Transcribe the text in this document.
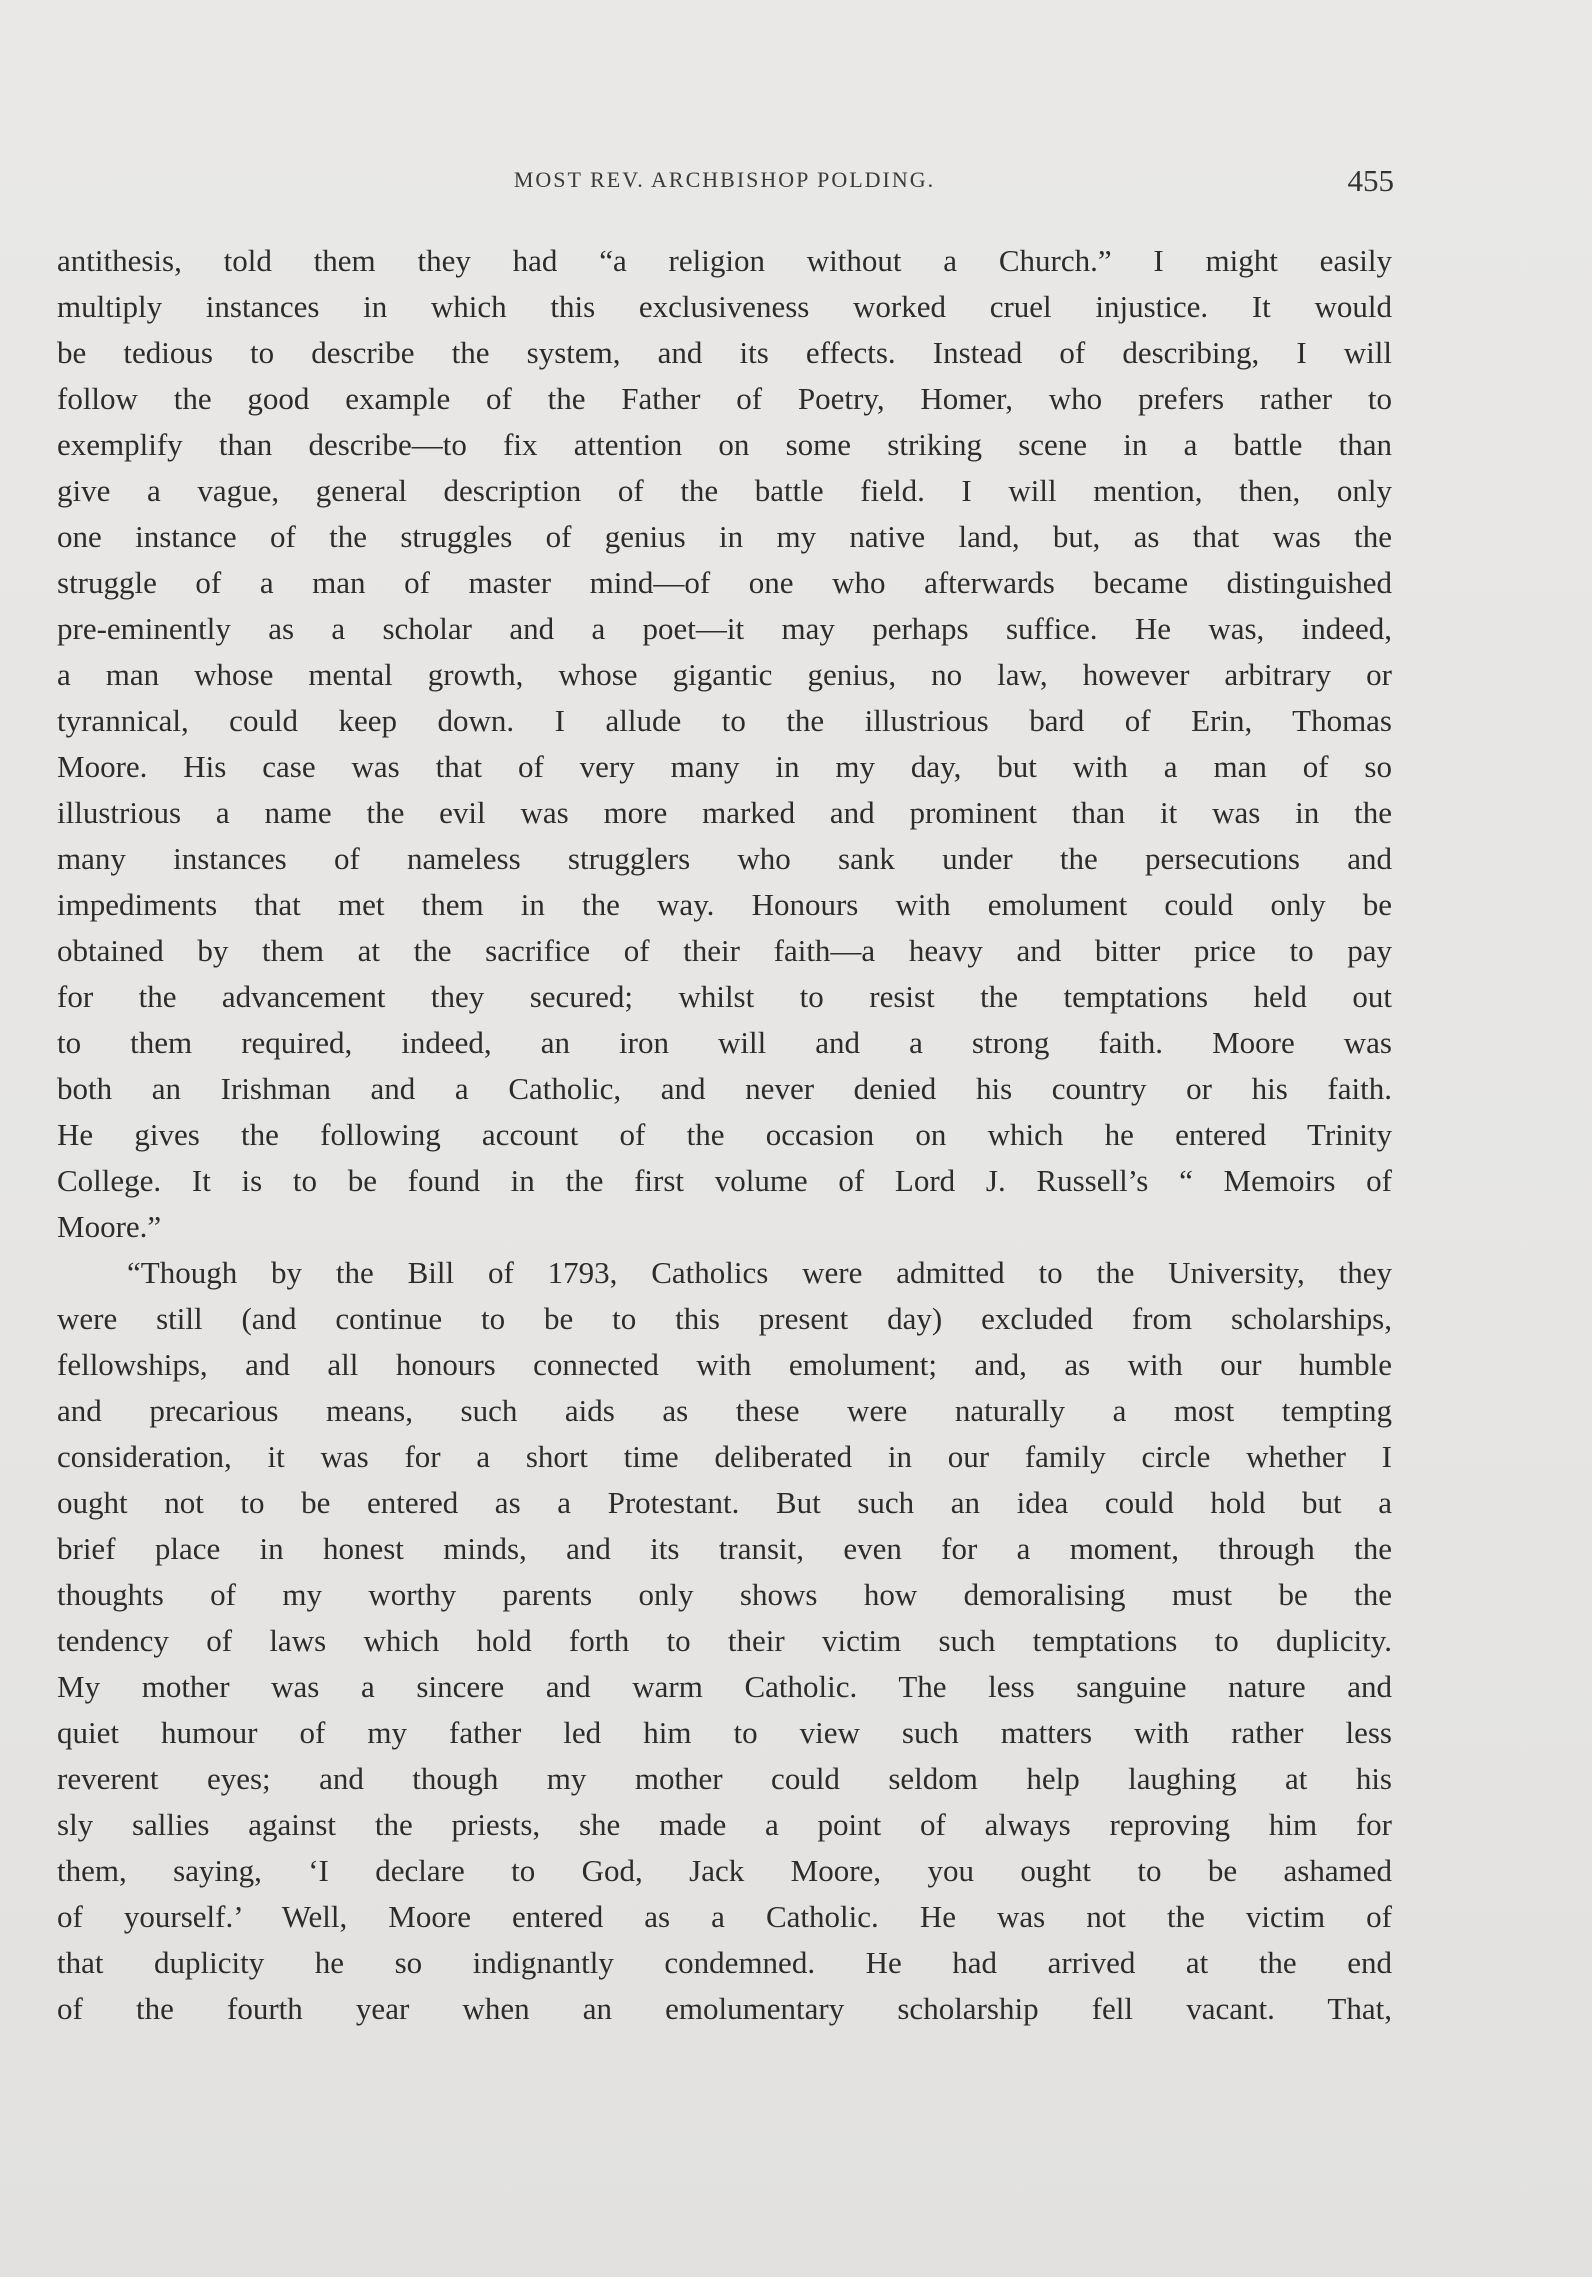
MOST REV. ARCHBISHOP POLDING.	455
antithesis, told them they had “a religion without a Church.” I might easily
multiply instances in which this exclusiveness worked cruel injustice. It would
be tedious to describe the system, and its effects. Instead of describing, I will
follow the good example of the Father of Poetry, Homer, who prefers rather to
exemplify than describe—to fix attention on some striking scene in a battle than
give a vague, general description of the battle field. I will mention, then, only
one instance of the struggles of genius in my native land, but, as that was the
struggle of a man of master mind—of one who afterwards became distinguished
pre-eminently as a scholar and a poet—it may perhaps suffice. He was, indeed,
a man whose mental growth, whose gigantic genius, no law, however arbitrary or
tyrannical, could keep down. I allude to the illustrious bard of Erin, Thomas
Moore. His case was that of very many in my day, but with a man of so
illustrious a name the evil was more marked and prominent than it was in the
many instances of nameless strugglers who sank under the persecutions and
impediments that met them in the way. Honours with emolument could only be
obtained by them at the sacrifice of their faith—a heavy and bitter price to pay
for the advancement they secured; whilst to resist the temptations held out
to them required, indeed, an iron will and a strong faith. Moore was
both an Irishman and a Catholic, and never denied his country or his faith.
He gives the following account of the occasion on which he entered Trinity
College. It is to be found in the first volume of Lord J. Russell’s “ Memoirs of
Moore.”
“Though by the Bill of 1793, Catholics were admitted to the University, they
were still (and continue to be to this present day) excluded from scholarships,
fellowships, and all honours connected with emolument; and, as with our humble
and precarious means, such aids as these were naturally a most tempting
consideration, it was for a short time deliberated in our family circle whether I
ought not to be entered as a Protestant. But such an idea could hold but a
brief place in honest minds, and its transit, even for a moment, through the
thoughts of my worthy parents only shows how demoralising must be the
tendency of laws which hold forth to their victim such temptations to duplicity.
My mother was a sincere and warm Catholic. The less sanguine nature and
quiet humour of my father led him to view such matters with rather less
reverent eyes; and though my mother could seldom help laughing at his
sly sallies against the priests, she made a point of always reproving him for
them, saying, ‘I declare to God, Jack Moore, you ought to be ashamed
of yourself.’ Well, Moore entered as a Catholic. He was not the victim of
that duplicity he so indignantly condemned. He had arrived at the end
of the fourth year when an emolumentary scholarship fell vacant. That,
